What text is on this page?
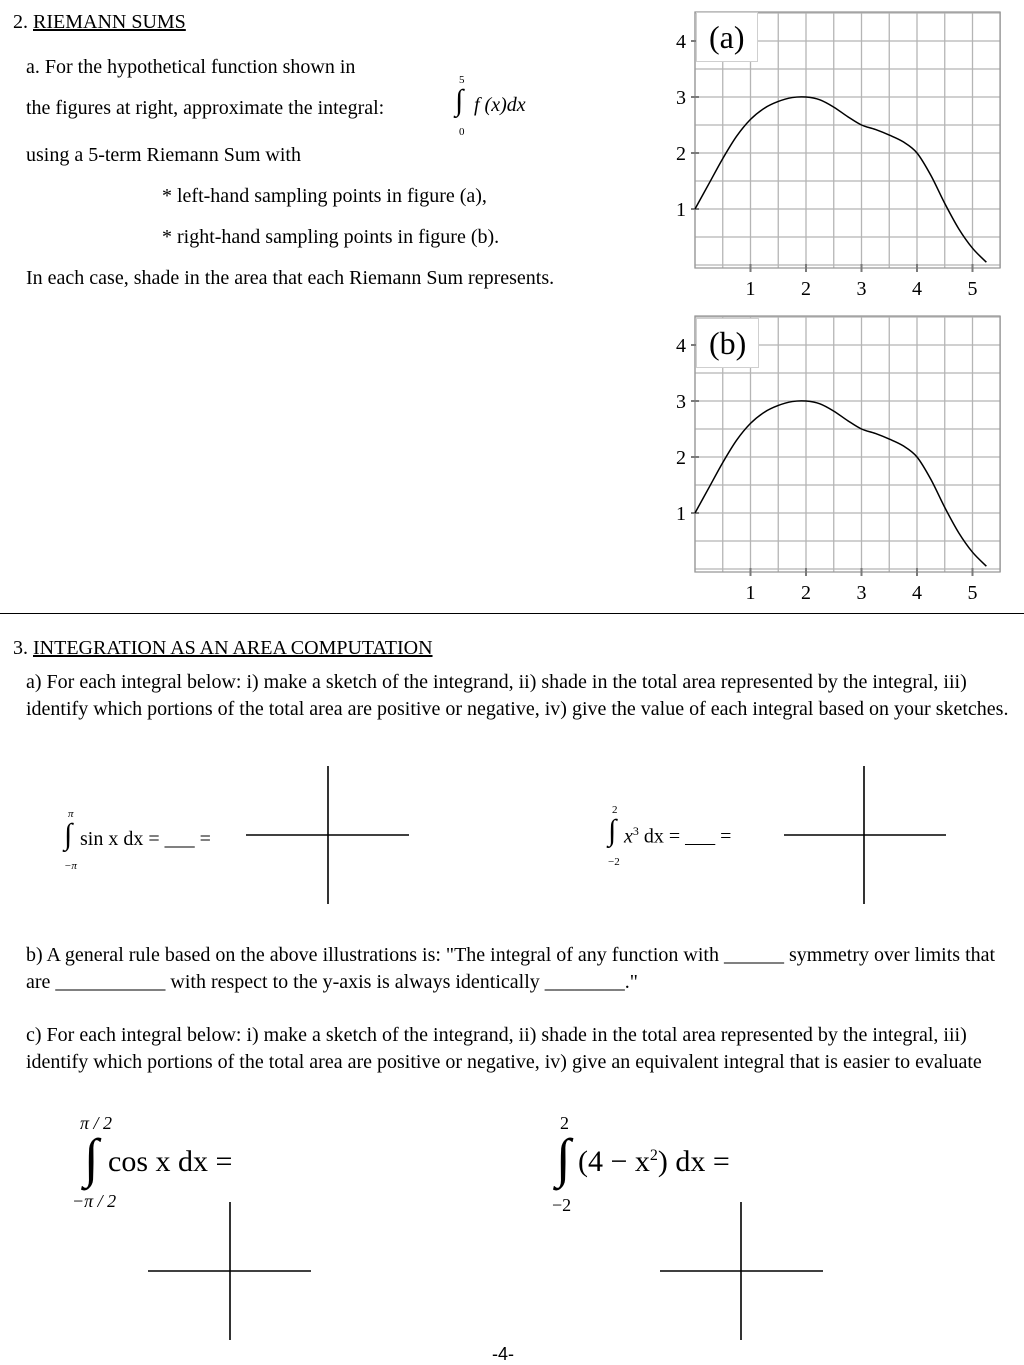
2. RIEMANN SUMS
a. For the hypothetical function shown in
the figures at right, approximate the integral:
5
∫
0
f (x)dx
using a 5-term Riemann Sum with
* left-hand sampling points in figure (a),
* right-hand sampling points in figure (b).
In each case, shade in the area that each Riemann Sum represents.	1 2 3 4 5
1
2
3
4 (a)
1 2 3 4 5
1
2
3
4 (b)
3. INTEGRATION AS AN AREA COMPUTATION
a) For each integral below: i) make a sketch of the integrand, ii) shade in the total area represented by the integral, iii) identify which portions of the total area are positive or negative, iv) give the value of each integral based on your sketches.
π
∫
−π
sin x dx = ___ =
2
∫
−2
$x^3$ dx = ___ =
b) A general rule based on the above illustrations is: "The integral of any function with ______ symmetry over limits that are ___________ with respect to the y-axis is always identically ________."
c) For each integral below: i) make a sketch of the integrand, ii) shade in the total area represented by the integral, iii) identify which portions of the total area are positive or negative, iv) give an equivalent integral that is easier to evaluate
π / 2
∫
−π / 2
cos x dx =
2
∫
−2
$(4 - x^2)$ dx =
-4-
